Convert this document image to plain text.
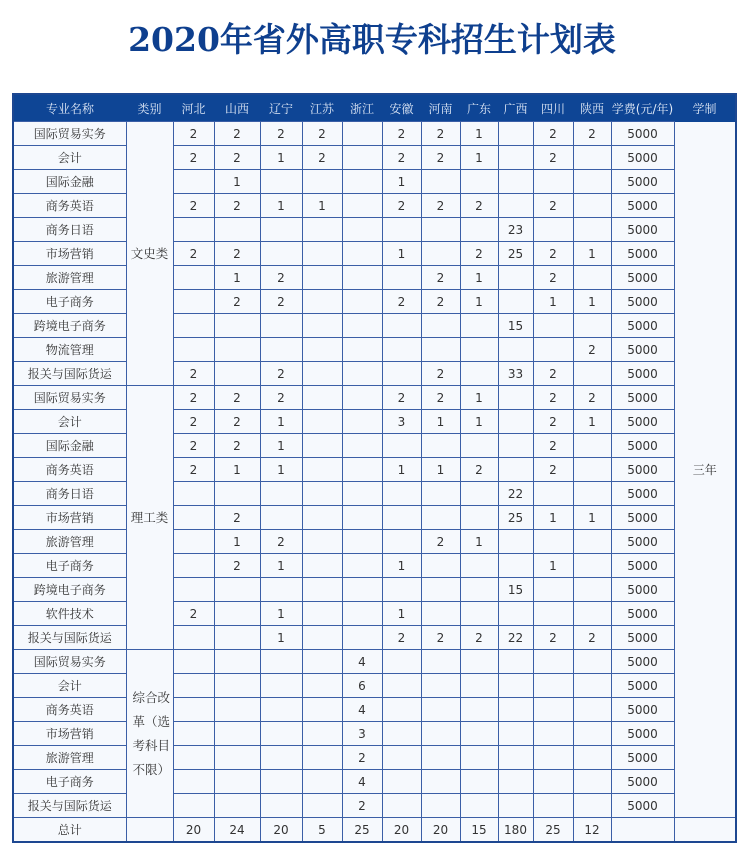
2020年省外高职专科招生计划表
专业名称	类别	河北	山西	辽宁	江苏	浙江	安徽	河南	广东	广西	四川	陕西	学费(元/年)	学制
国际贸易实务	文史类	2	2	2	2		2	2	1		2	2	5000	三年
会计		2	2	1	2		2	2	1		2		5000	
国际金融			1				1						5000	
商务英语		2	2	1	1		2	2	2		2		5000	
商务日语										23			5000	
市场营销		2	2				1		2	25	2	1	5000	
旅游管理			1	2				2	1		2		5000	
电子商务			2	2			2	2	1		1	1	5000	
跨境电子商务										15			5000	
物流管理												2	5000	
报关与国际货运		2		2				2		33	2		5000	
国际贸易实务	理工类	2	2	2			2	2	1		2	2	5000	
会计		2	2	1			3	1	1		2	1	5000	
国际金融		2	2	1							2		5000	
商务英语		2	1	1			1	1	2		2		5000	
商务日语										22			5000	
市场营销			2							25	1	1	5000	
旅游管理			1	2				2	1				5000	
电子商务			2	1			1				1		5000	
跨境电子商务										15			5000	
软件技术		2		1			1						5000	
报关与国际货运				1			2	2	2	22	2	2	5000	
国际贸易实务	综合改革（选考科目不限）					4							5000	
会计						6							5000	
商务英语						4							5000	
市场营销						3							5000	
旅游管理						2							5000	
电子商务						4							5000	
报关与国际货运						2							5000	
总计		20	24	20	5	25	20	20	15	180	25	12		
